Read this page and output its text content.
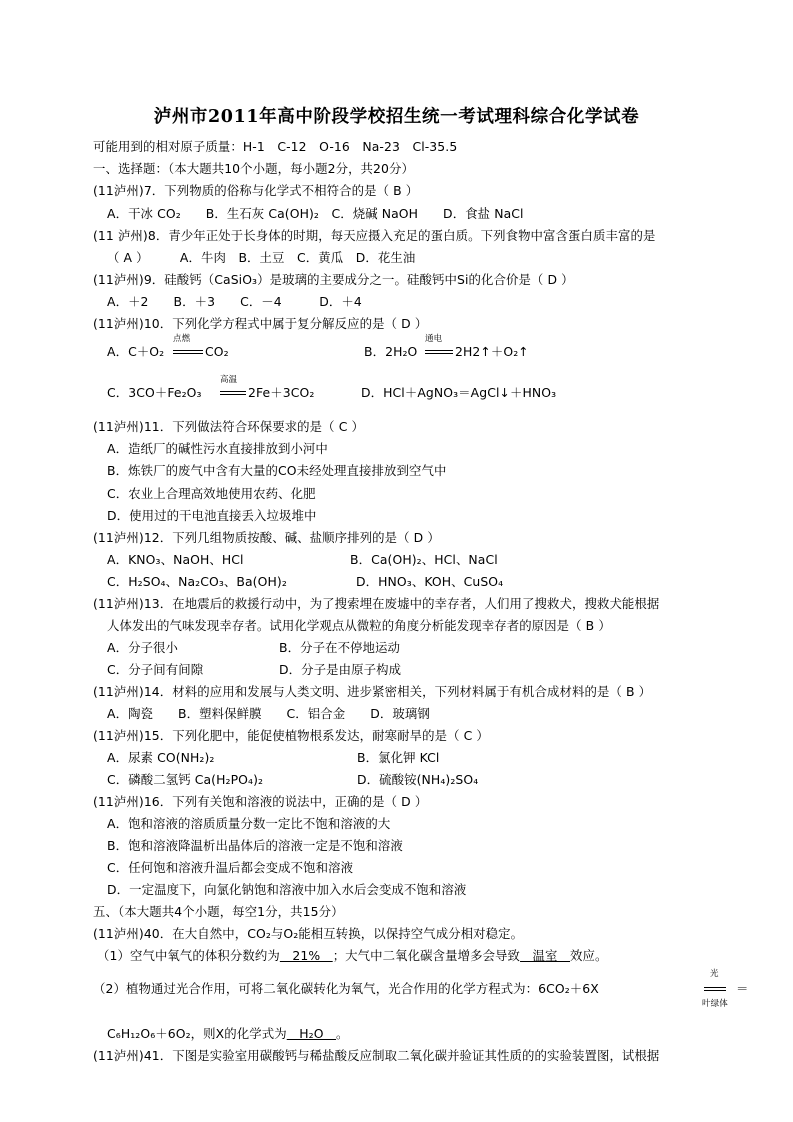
泸州市2011年高中阶段学校招生统一考试理科综合化学试卷
可能用到的相对原子质量：H-1　C-12　O-16　Na-23　Cl-35.5
一、选择题：（本大题共10个小题，每小题2分，共20分）
(11泸州)7．下列物质的俗称与化学式不相符合的是（ B ）
A．干冰 CO₂　　B．生石灰 Ca(OH)₂　C．烧碱 NaOH　　D．食盐 NaCl
(11 泸州)8．青少年正处于长身体的时期，每天应摄入充足的蛋白质。下列食物中富含蛋白质丰富的是
（ A ）　　　A．牛肉　B．土豆　C．黄瓜　D．花生油
(11泸州)9．硅酸钙（CaSiO₃）是玻璃的主要成分之一。硅酸钙中Si的化合价是（ D ）
A．＋2　　B．＋3　　C．－4　　　D．＋4
(11泸州)10．下列化学方程式中属于复分解反应的是（ D ）
A．C＋O₂
点燃
CO₂	B．2H₂O
通电
2H2↑＋O₂↑
C．3CO＋Fe₂O₃
高温
2Fe＋3CO₂	D．HCl＋AgNO₃＝AgCl↓＋HNO₃
(11泸州)11．下列做法符合环保要求的是（ C ）
A．造纸厂的碱性污水直接排放到小河中
B．炼铁厂的废气中含有大量的CO未经处理直接排放到空气中
C．农业上合理高效地使用农药、化肥
D．使用过的干电池直接丢入垃圾堆中
(11泸州)12．下列几组物质按酸、碱、盐顺序排列的是（ D ）
A．KNO₃、NaOH、HCl	B．Ca(OH)₂、HCl、NaCl
C．H₂SO₄、Na₂CO₃、Ba(OH)₂	D．HNO₃、KOH、CuSO₄
(11泸州)13．在地震后的救援行动中，为了搜索埋在废墟中的幸存者，人们用了搜救犬，搜救犬能根据
人体发出的气味发现幸存者。试用化学观点从微粒的角度分析能发现幸存者的原因是（ B ）
A．分子很小	B．分子在不停地运动
C．分子间有间隙	D．分子是由原子构成
(11泸州)14．材料的应用和发展与人类文明、进步紧密相关，下列材料属于有机合成材料的是（ B ）
A．陶瓷　　B．塑料保鲜膜　　C．铝合金　　D．玻璃钢
(11泸州)15．下列化肥中，能促使植物根系发达，耐寒耐旱的是（ C ）
A．尿素 CO(NH₂)₂	B．氯化钾 KCl
C．磷酸二氢钙 Ca(H₂PO₄)₂	D．硫酸铵(NH₄)₂SO₄
(11泸州)16．下列有关饱和溶液的说法中，正确的是（ D ）
A．饱和溶液的溶质质量分数一定比不饱和溶液的大
B．饱和溶液降温析出晶体后的溶液一定是不饱和溶液
C．任何饱和溶液升温后都会变成不饱和溶液
D．一定温度下，向氯化钠饱和溶液中加入水后会变成不饱和溶液
五、（本大题共4个小题，每空1分，共15分）
(11泸州)40．在大自然中，CO₂与O₂能相互转换，以保持空气成分相对稳定。
（1）空气中氧气的体积分数约为　21%　；大气中二氧化碳含量增多会导致　温室　效应。
（2）植物通过光合作用，可将二氧化碳转化为氧气，光合作用的化学方程式为：6CO₂＋6X
光
叶绿体
＝
C₆H₁₂O₆＋6O₂，则X的化学式为　H₂O　。
(11泸州)41．下图是实验室用碳酸钙与稀盐酸反应制取二氧化碳并验证其性质的的实验装置图，试根据
